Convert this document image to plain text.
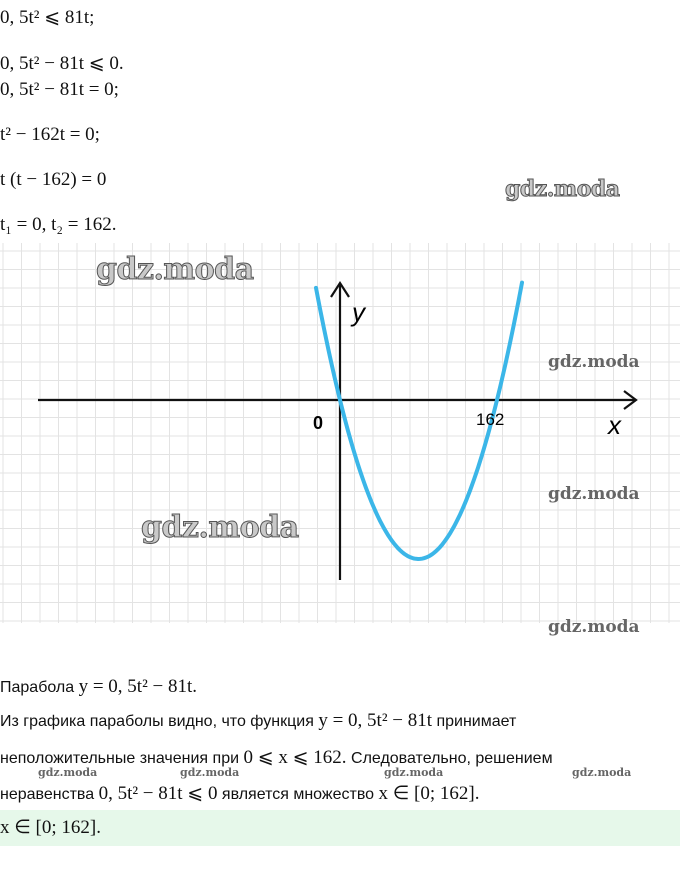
0, 5t² ⩽ 81t;
0, 5t² − 81t ⩽ 0.
0, 5t² − 81t = 0;
t² − 162t = 0;
t (t − 162) = 0
t₁ = 0, t₂ = 162.
gdz.moda
y
x
0	162
gdz.moda
gdz.moda
gdz.moda
gdz.moda
gdz.moda
Парабола y = 0, 5t² − 81t.
Из графика параболы видно, что функция y = 0, 5t² − 81t принимает
неположительные значения при 0 ⩽ x ⩽ 162. Следовательно, решением
gdz.moda	gdz.moda	gdz.moda	gdz.moda
неравенства 0, 5t² − 81t ⩽ 0 является множество x ∈ [0; 162].
x ∈ [0; 162].
